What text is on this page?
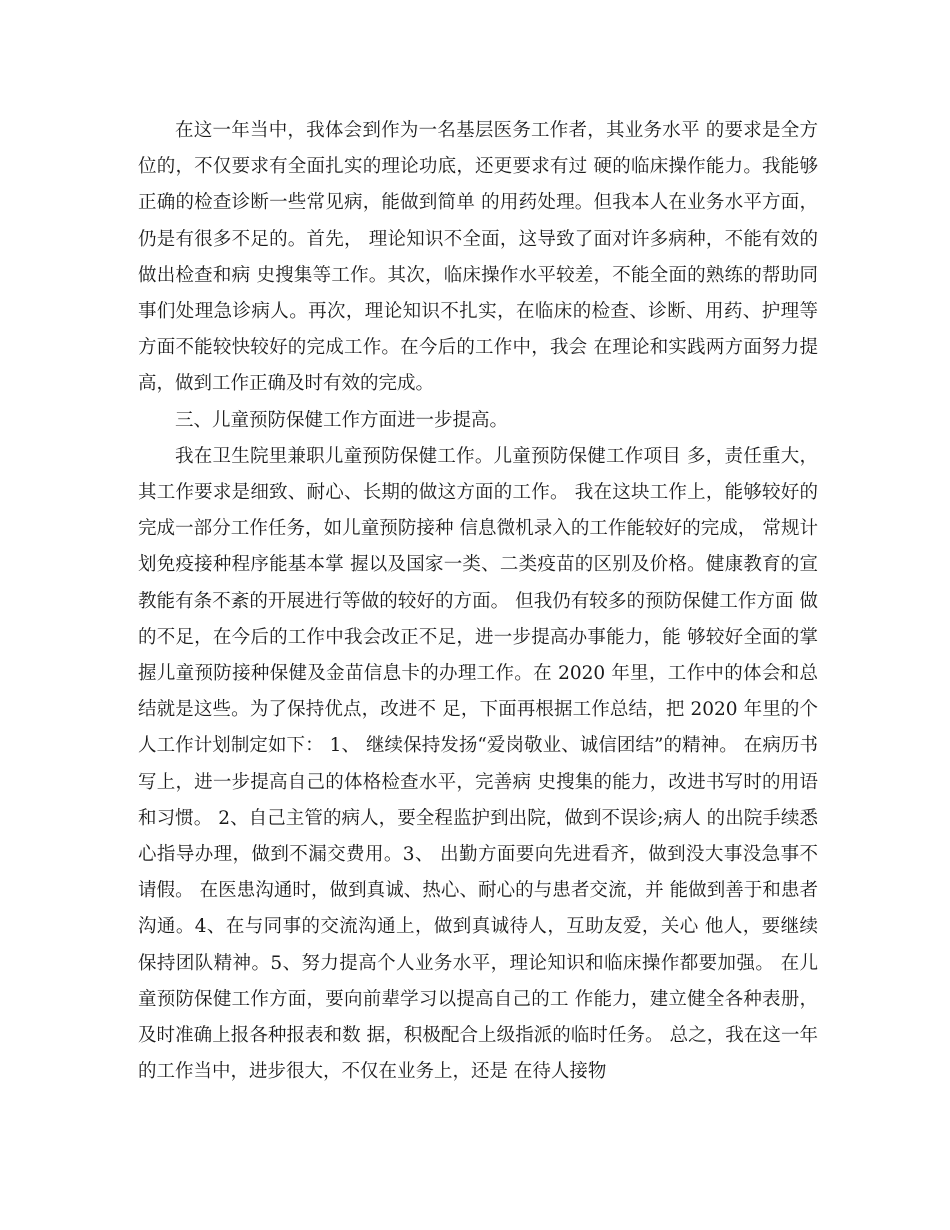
在这一年当中，我体会到作为一名基层医务工作者，其业务水平 的要求是全方位的，不仅要求有全面扎实的理论功底，还更要求有过 硬的临床操作能力。我能够正确的检查诊断一些常见病，能做到简单 的用药处理。但我本人在业务水平方面，仍是有很多不足的。首先， 理论知识不全面，这导致了面对许多病种，不能有效的做出检查和病 史搜集等工作。其次，临床操作水平较差，不能全面的熟练的帮助同 事们处理急诊病人。再次，理论知识不扎实，在临床的检查、诊断、用药、护理等方面不能较快较好的完成工作。在今后的工作中，我会 在理论和实践两方面努力提高，做到工作正确及时有效的完成。

三、儿童预防保健工作方面进一步提高。

我在卫生院里兼职儿童预防保健工作。儿童预防保健工作项目 多，责任重大，其工作要求是细致、耐心、长期的做这方面的工作。 我在这块工作上，能够较好的完成一部分工作任务，如儿童预防接种 信息微机录入的工作能较好的完成， 常规计划免疫接种程序能基本掌 握以及国家一类、二类疫苗的区别及价格。健康教育的宣教能有条不紊的开展进行等做的较好的方面。 但我仍有较多的预防保健工作方面 做的不足，在今后的工作中我会改正不足，进一步提高办事能力，能 够较好全面的掌握儿童预防接种保健及金苗信息卡的办理工作。在 2020 年里，工作中的体会和总结就是这些。为了保持优点，改进不 足，下面再根据工作总结，把 2020 年里的个人工作计划制定如下： 1、 继续保持发扬“爱岗敬业、诚信团结”的精神。 在病历书写上，进一步提高自己的体格检查水平，完善病 史搜集的能力，改进书写时的用语和习惯。 2、自己主管的病人，要全程监护到出院，做到不误诊;病人 的出院手续悉心指导办理，做到不漏交费用。3、 出勤方面要向先进看齐，做到没大事没急事不请假。 在医患沟通时，做到真诚、热心、耐心的与患者交流，并 能做到善于和患者沟通。4、在与同事的交流沟通上，做到真诚待人，互助友爱，关心 他人，要继续保持团队精神。5、努力提高个人业务水平，理论知识和临床操作都要加强。 在儿童预防保健工作方面，要向前辈学习以提高自己的工 作能力，建立健全各种表册，及时准确上报各种报表和数 据，积极配合上级指派的临时任务。 总之，我在这一年的工作当中，进步很大，不仅在业务上，还是 在待人接物
